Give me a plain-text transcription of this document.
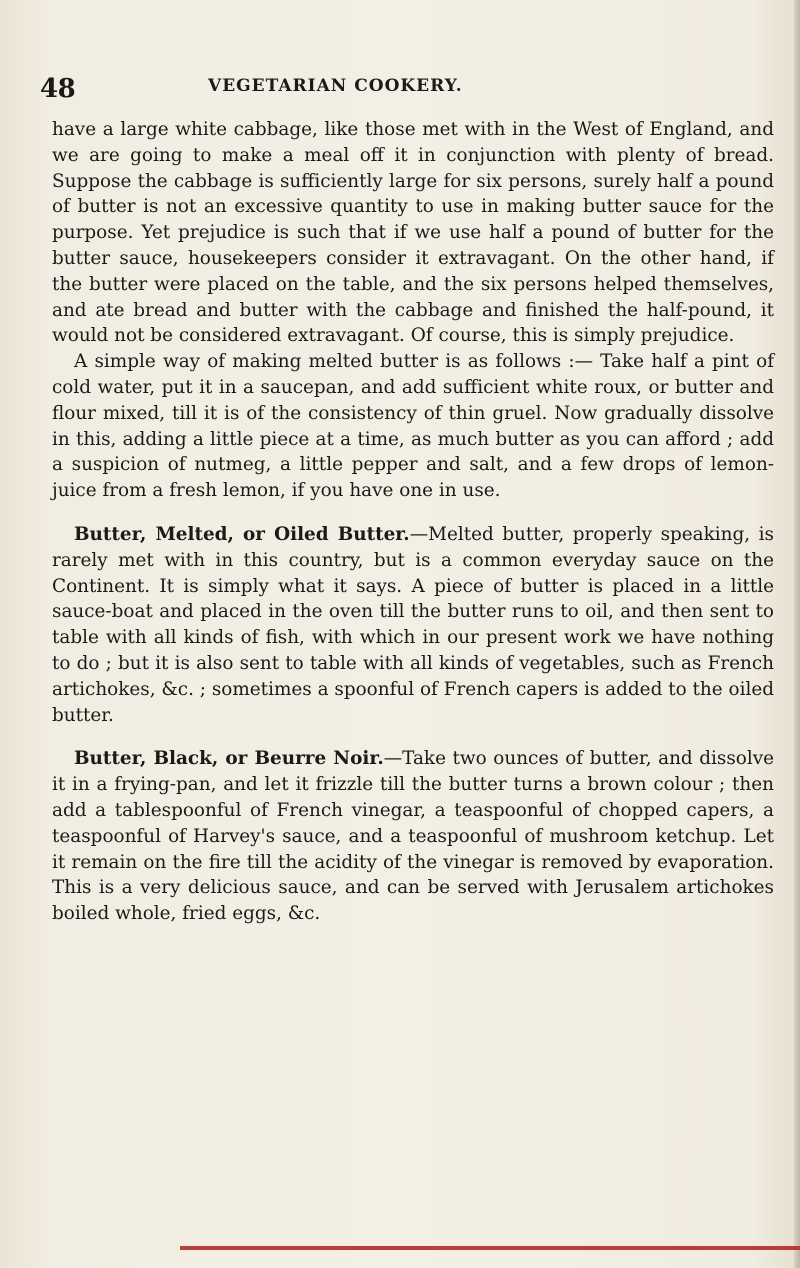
48	VEGETARIAN COOKERY.

have a large white cabbage, like those met with in the West of England, and we are going to make a meal off it in conjunction with plenty of bread. Suppose the cabbage is sufficiently large for six persons, surely half a pound of butter is not an excessive quantity to use in making butter sauce for the purpose. Yet prejudice is such that if we use half a pound of butter for the butter sauce, housekeepers consider it extravagant. On the other hand, if the butter were placed on the table, and the six persons helped themselves, and ate bread and butter with the cabbage and finished the half-pound, it would not be considered extravagant. Of course, this is simply prejudice.

A simple way of making melted butter is as follows :— Take half a pint of cold water, put it in a saucepan, and add sufficient white roux, or butter and flour mixed, till it is of the consistency of thin gruel. Now gradually dissolve in this, adding a little piece at a time, as much butter as you can afford ; add a suspicion of nutmeg, a little pepper and salt, and a few drops of lemon-juice from a fresh lemon, if you have one in use.

Butter, Melted, or Oiled Butter.—Melted butter, properly speaking, is rarely met with in this country, but is a common everyday sauce on the Continent. It is simply what it says. A piece of butter is placed in a little sauce-boat and placed in the oven till the butter runs to oil, and then sent to table with all kinds of fish, with which in our present work we have nothing to do ; but it is also sent to table with all kinds of vegetables, such as French artichokes, &c. ; sometimes a spoonful of French capers is added to the oiled butter.

Butter, Black, or Beurre Noir.—Take two ounces of butter, and dissolve it in a frying-pan, and let it frizzle till the butter turns a brown colour ; then add a tablespoonful of French vinegar, a teaspoonful of chopped capers, a teaspoonful of Harvey's sauce, and a teaspoonful of mushroom ketchup. Let it remain on the fire till the acidity of the vinegar is removed by evaporation. This is a very delicious sauce, and can be served with Jerusalem artichokes boiled whole, fried eggs, &c.
